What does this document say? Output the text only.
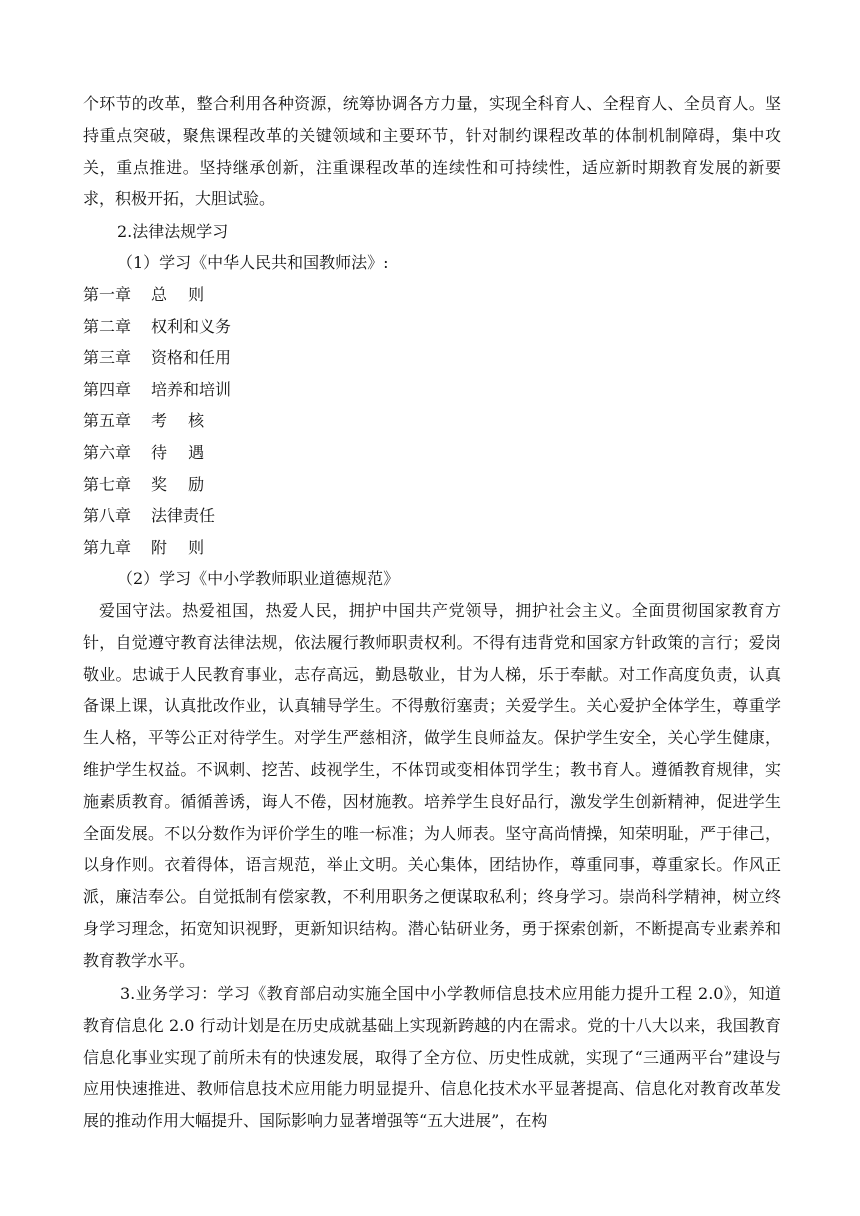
个环节的改革，整合利用各种资源，统筹协调各方力量，实现全科育人、全程育人、全员育人。坚持重点突破，聚焦课程改革的关键领域和主要环节，针对制约课程改革的体制机制障碍，集中攻关，重点推进。坚持继承创新，注重课程改革的连续性和可持续性，适应新时期教育发展的新要求，积极开拓，大胆试验。
2.法律法规学习
（1）学习《中华人民共和国教师法》:
第一章 总　 则
第二章 权利和义务
第三章 资格和任用
第四章 培养和培训
第五章 考　 核
第六章 待　 遇
第七章 奖　 励
第八章 法律责任
第九章 附　 则
（2）学习《中小学教师职业道德规范》
爱国守法。热爱祖国，热爱人民，拥护中国共产党领导，拥护社会主义。全面贯彻国家教育方针，自觉遵守教育法律法规，依法履行教师职责权利。不得有违背党和国家方针政策的言行；爱岗敬业。忠诚于人民教育事业，志存高远，勤恳敬业，甘为人梯，乐于奉献。对工作高度负责，认真备课上课，认真批改作业，认真辅导学生。不得敷衍塞责；关爱学生。关心爱护全体学生，尊重学生人格，平等公正对待学生。对学生严慈相济，做学生良师益友。保护学生安全，关心学生健康，维护学生权益。不讽刺、挖苦、歧视学生，不体罚或变相体罚学生；教书育人。遵循教育规律，实施素质教育。循循善诱，诲人不倦，因材施教。培养学生良好品行，激发学生创新精神，促进学生全面发展。不以分数作为评价学生的唯一标准；为人师表。坚守高尚情操，知荣明耻，严于律己，以身作则。衣着得体，语言规范，举止文明。关心集体，团结协作，尊重同事，尊重家长。作风正派，廉洁奉公。自觉抵制有偿家教，不利用职务之便谋取私利；终身学习。崇尚科学精神，树立终身学习理念，拓宽知识视野，更新知识结构。潜心钻研业务，勇于探索创新，不断提高专业素养和教育教学水平。
3.业务学习：学习《教育部启动实施全国中小学教师信息技术应用能力提升工程 2.0》，知道教育信息化 2.0 行动计划是在历史成就基础上实现新跨越的内在需求。党的十八大以来，我国教育信息化事业实现了前所未有的快速发展，取得了全方位、历史性成就，实现了“三通两平台”建设与应用快速推进、教师信息技术应用能力明显提升、信息化技术水平显著提高、信息化对教育改革发展的推动作用大幅提升、国际影响力显著增强等“五大进展”，在构
